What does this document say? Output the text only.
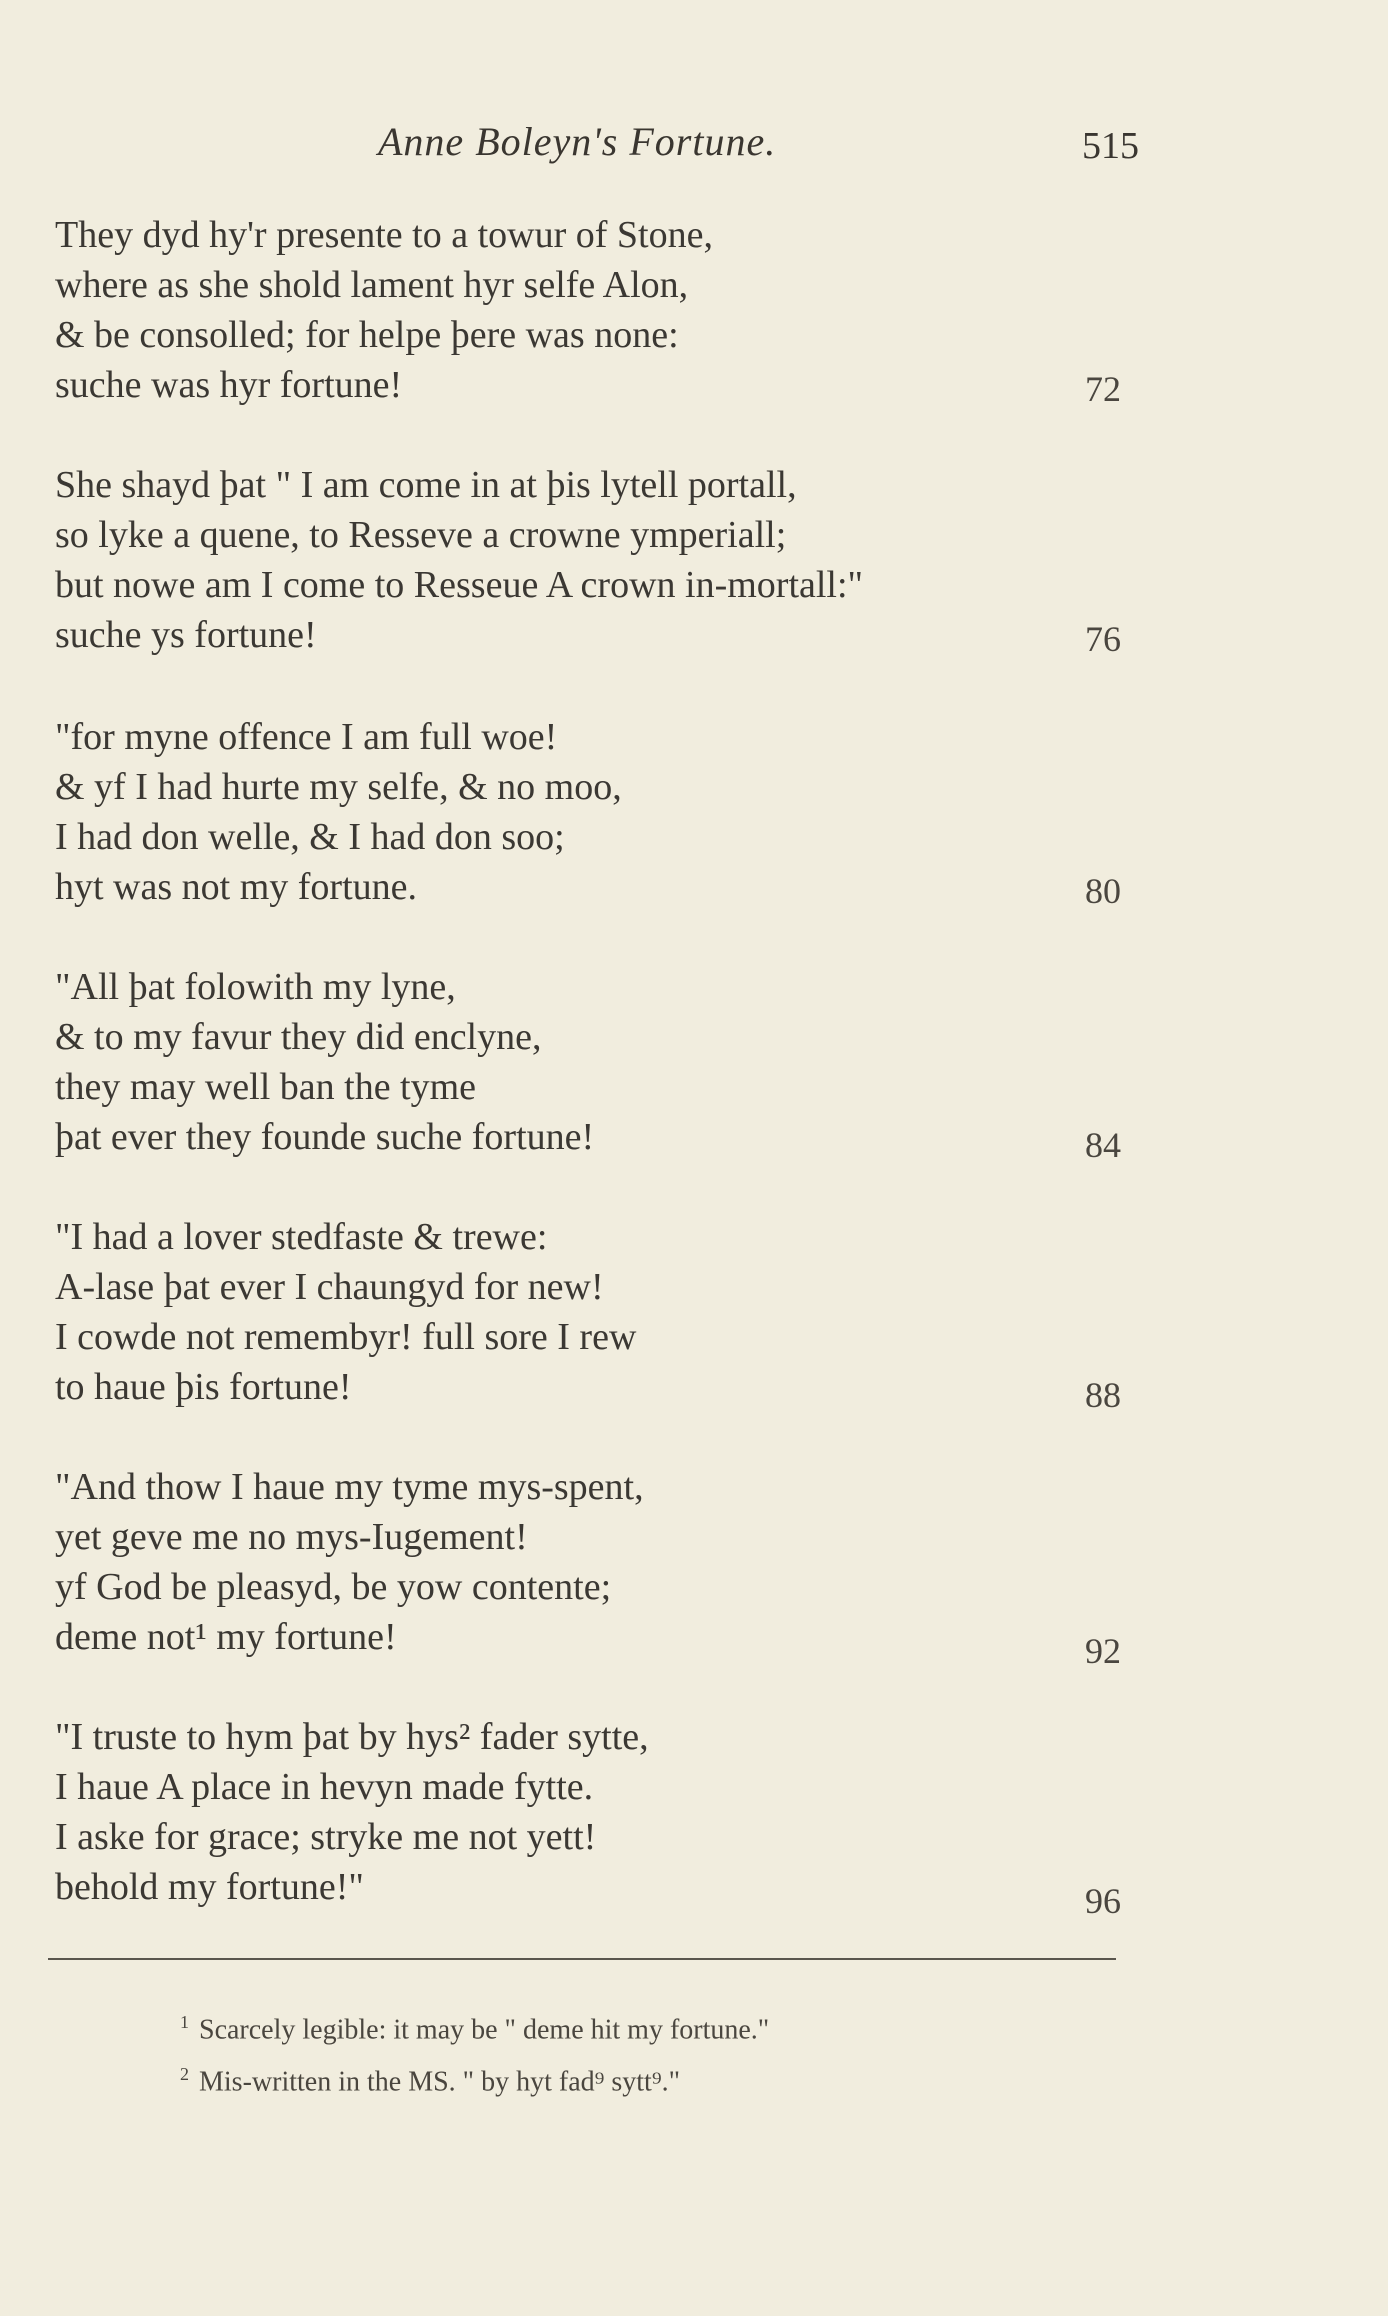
Anne Boleyn's Fortune.	515
They dyd hy'r presente to a towur of Stone,
where as she shold lament hyr selfe Alon,
& be consolled; for helpe þere was none:
suche was hyr fortune!	72
She shayd þat " I am come in at þis lytell portall,
so lyke a quene, to Resseve a crowne ymperiall;
but nowe am I come to Resseue A crown in-mortall:"
suche ys fortune!	76
"for myne offence I am full woe!
& yf I had hurte my selfe, & no moo,
I had don welle, & I had don soo;
hyt was not my fortune.	80
"All þat folowith my lyne,
& to my favur they did enclyne,
they may well ban the tyme
þat ever they founde suche fortune!	84
"I had a lover stedfaste & trewe:
A-lase þat ever I chaungyd for new!
I cowde not remembyr! full sore I rew
to haue þis fortune!	88
"And thow I haue my tyme mys-spent,
yet geve me no mys-Iugement!
yf God be pleasyd, be yow contente;
deme not¹ my fortune!	92
"I truste to hym þat by hys² fader sytte,
I haue A place in hevyn made fytte.
I aske for grace; stryke me not yett!
behold my fortune!"	96
$^1$ Scarcely legible: it may be " deme hit my fortune."
$^2$ Mis-written in the MS. " by hyt fad⁹ sytt⁹."
